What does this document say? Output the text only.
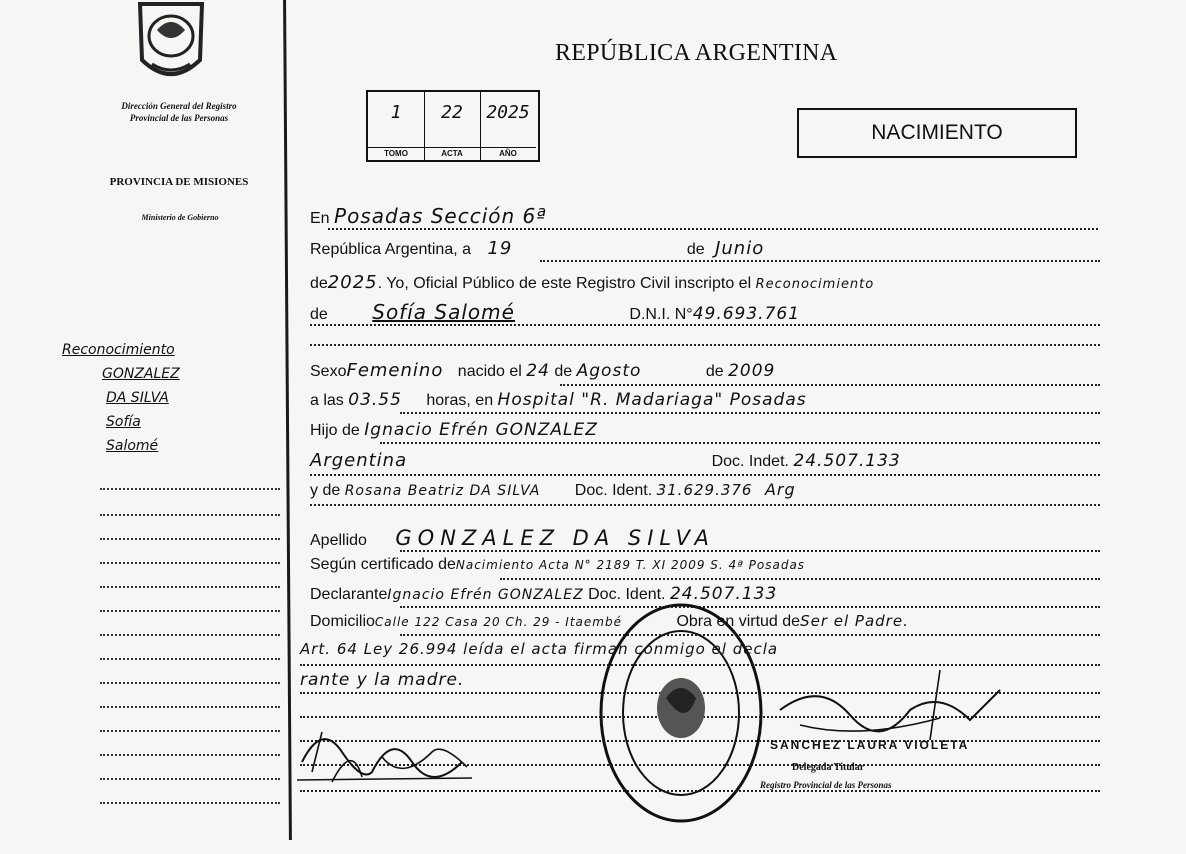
Dirección General del Registro Provincial de las Personas
PROVINCIA DE MISIONES
Ministerio de Gobierno
REPÚBLICA ARGENTINA
1
TOMO
22
ACTA
2025
AÑO
NACIMIENTO
Reconocimiento
GONZALEZ
DA SILVA
Sofía
Salomé
En Posadas Sección 6ª
República Argentina, a 19	de Junio
de2025. Yo, Oficial Público de este Registro Civil inscripto el Reconocimiento
de Sofía Salomé	D.N.I. N°49.693.761
SexoFemenino nacido el 24 de Agosto	de 2009
a las 03.55 horas, en Hospital "R. Madariaga" Posadas
Hijo de Ignacio Efrén GONZALEZ
Argentina	Doc. Indet. 24.507.133
y de Rosana Beatriz DA SILVA Doc. Ident. 31.629.376 Arg
Apellido GONZALEZ DA SILVA
Según certificado deNacimiento Acta N° 2189 T. XI 2009 S. 4ª Posadas
DeclaranteIgnacio Efrén GONZALEZ Doc. Ident. 24.507.133
DomicilioCalle 122 Casa 20 Ch. 29 - Itaembé	Obra en virtud deSer el Padre.
Art. 64 Ley 26.994 leída el acta firman conmigo el decla
rante y la madre.
SANCHEZ LAURA VIOLETA
Delegada Titular
Registro Provincial de las Personas
